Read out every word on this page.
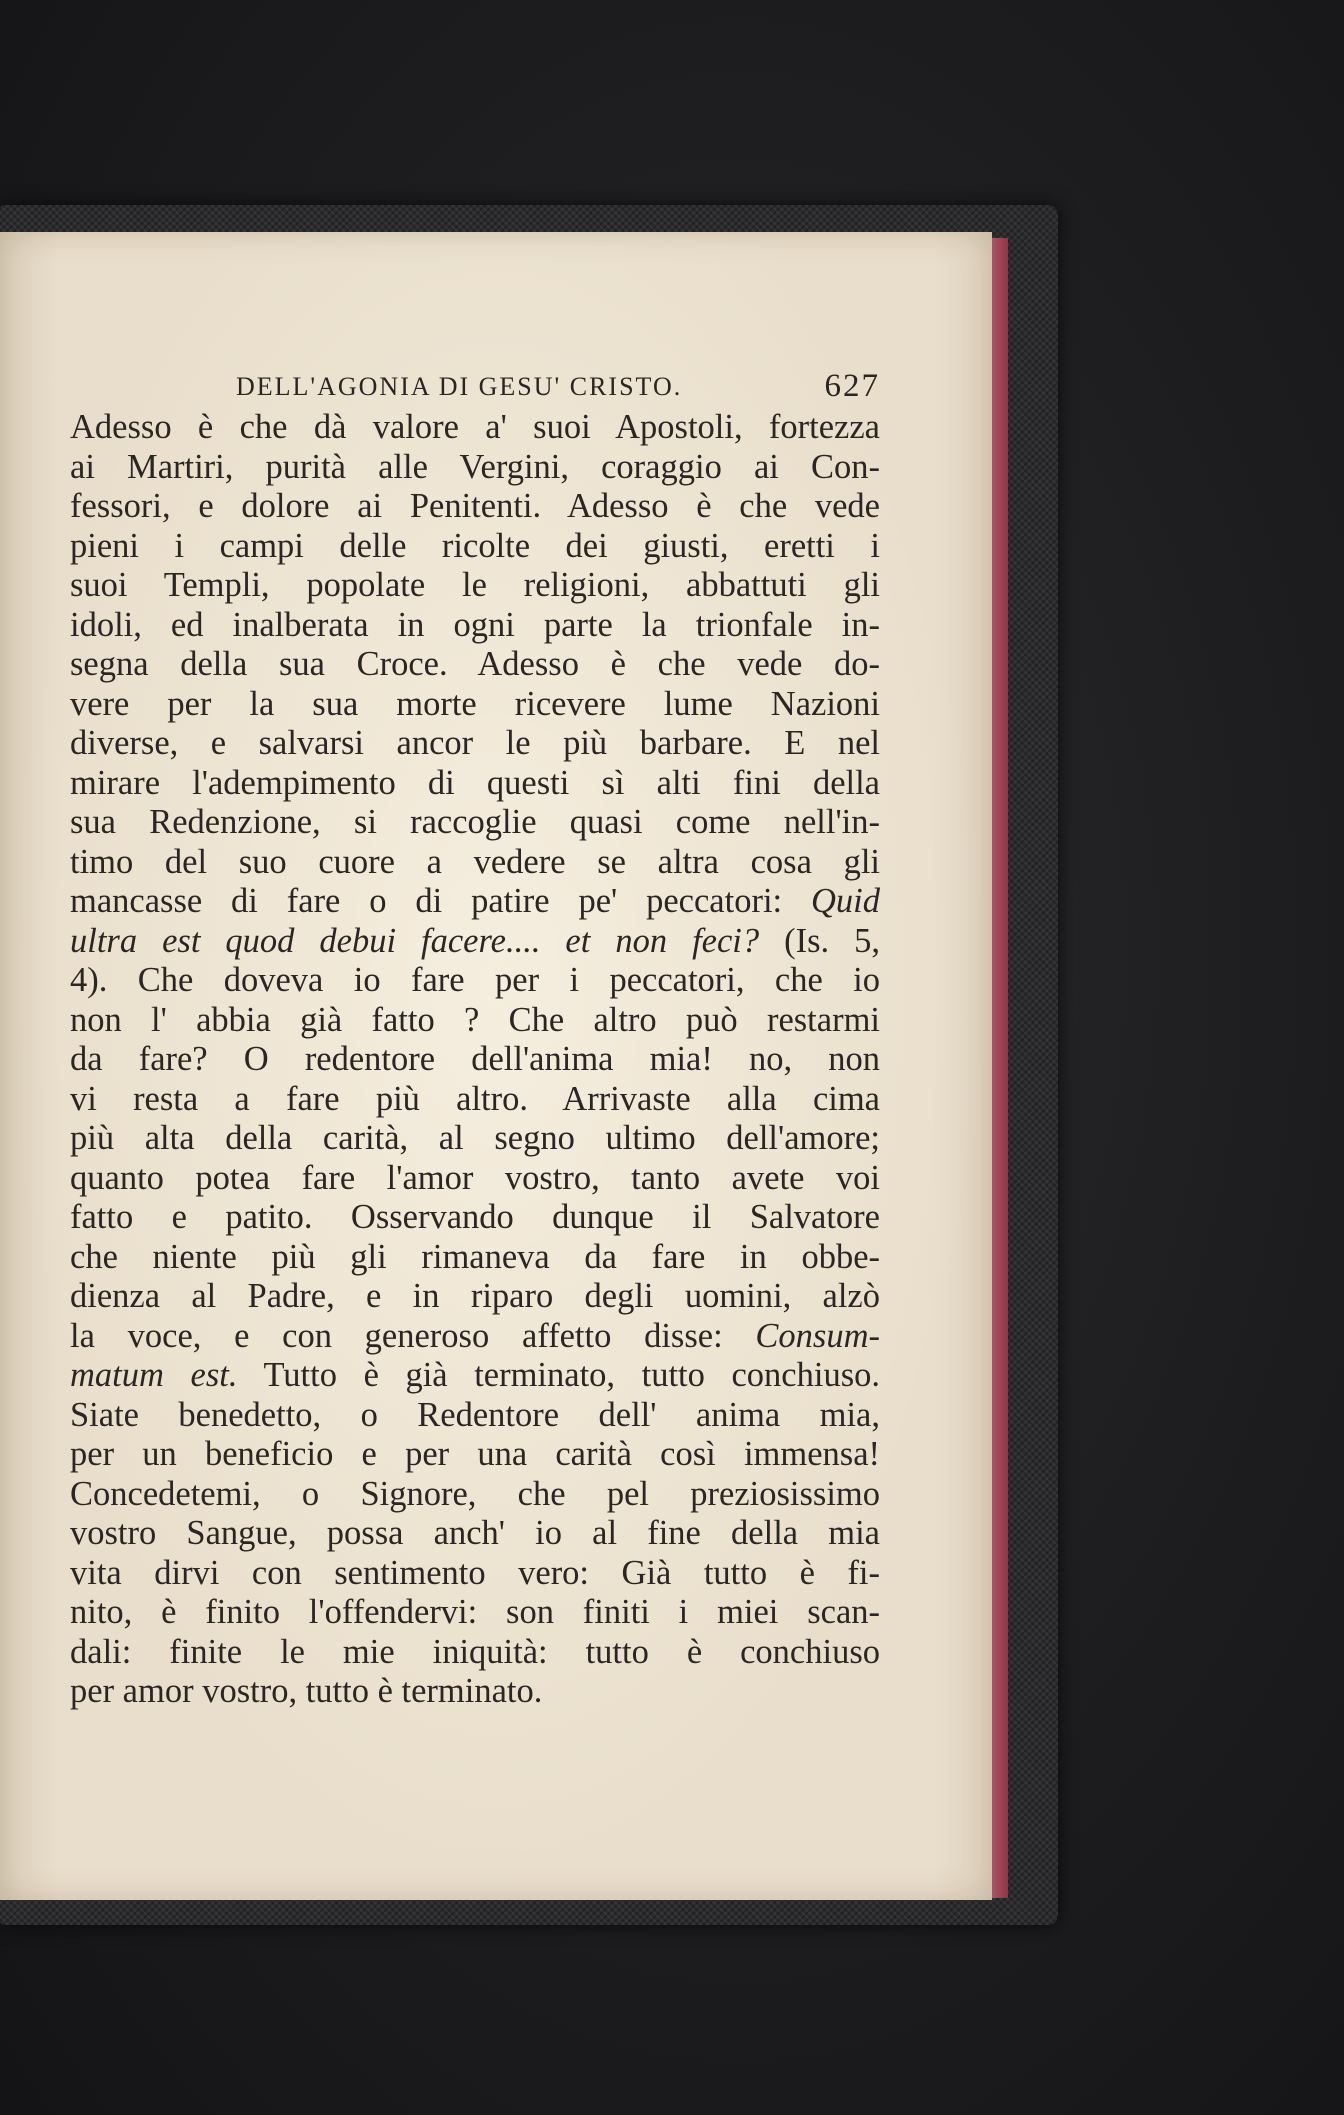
DELL'AGONIA DI GESU' CRISTO.	627
Adesso è che dà valore a' suoi Apostoli, fortezza
ai Martiri, purità alle Vergini, coraggio ai Con-
fessori, e dolore ai Penitenti. Adesso è che vede
pieni i campi delle ricolte dei giusti, eretti i
suoi Templi, popolate le religioni, abbattuti gli
idoli, ed inalberata in ogni parte la trionfale in-
segna della sua Croce. Adesso è che vede do-
vere per la sua morte ricevere lume Nazioni
diverse, e salvarsi ancor le più barbare. E nel
mirare l'adempimento di questi sì alti fini della
sua Redenzione, si raccoglie quasi come nell'in-
timo del suo cuore a vedere se altra cosa gli
mancasse di fare o di patire pe' peccatori: Quid
ultra est quod debui facere.... et non feci? (Is. 5,
4). Che doveva io fare per i peccatori, che io
non l' abbia già fatto ? Che altro può restarmi
da fare? O redentore dell'anima mia! no, non
vi resta a fare più altro. Arrivaste alla cima
più alta della carità, al segno ultimo dell'amore;
quanto potea fare l'amor vostro, tanto avete voi
fatto e patito. Osservando dunque il Salvatore
che niente più gli rimaneva da fare in obbe-
dienza al Padre, e in riparo degli uomini, alzò
la voce, e con generoso affetto disse: Consum-
matum est. Tutto è già terminato, tutto conchiuso.
Siate benedetto, o Redentore dell' anima mia,
per un beneficio e per una carità così immensa!
Concedetemi, o Signore, che pel preziosissimo
vostro Sangue, possa anch' io al fine della mia
vita dirvi con sentimento vero: Già tutto è fi-
nito, è finito l'offendervi: son finiti i miei scan-
dali: finite le mie iniquità: tutto è conchiuso
per amor vostro, tutto è terminato.
